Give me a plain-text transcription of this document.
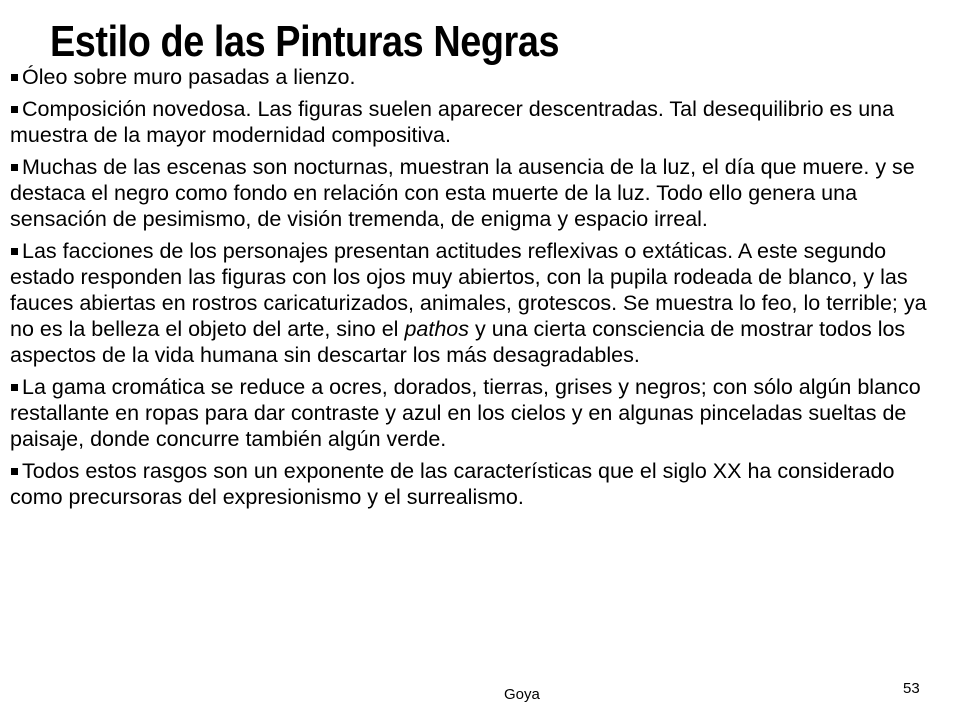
Estilo de las Pinturas Negras
Óleo sobre muro pasadas a lienzo.
Composición novedosa. Las figuras suelen aparecer descentradas. Tal desequilibrio es una muestra de la mayor modernidad compositiva.
Muchas de las escenas son nocturnas, muestran la ausencia de la luz, el día que muere. y se destaca el negro como fondo en relación con esta muerte de la luz. Todo ello genera una sensación de pesimismo, de visión tremenda, de enigma y espacio irreal.
Las facciones de los personajes presentan actitudes reflexivas o extáticas. A este segundo estado responden las figuras con los ojos muy abiertos, con la pupila rodeada de blanco, y las fauces abiertas en rostros caricaturizados, animales, grotescos. Se muestra lo feo, lo terrible; ya no es la belleza el objeto del arte, sino el pathos y una cierta consciencia de mostrar todos los aspectos de la vida humana sin descartar los más desagradables.
La gama cromática se reduce a ocres, dorados, tierras, grises y negros; con sólo algún blanco restallante en ropas para dar contraste y azul en los cielos y en algunas pinceladas sueltas de paisaje, donde concurre también algún verde.
Todos estos rasgos son un exponente de las características que el siglo XX ha considerado como precursoras del expresionismo y el surrealismo.
Goya	53
